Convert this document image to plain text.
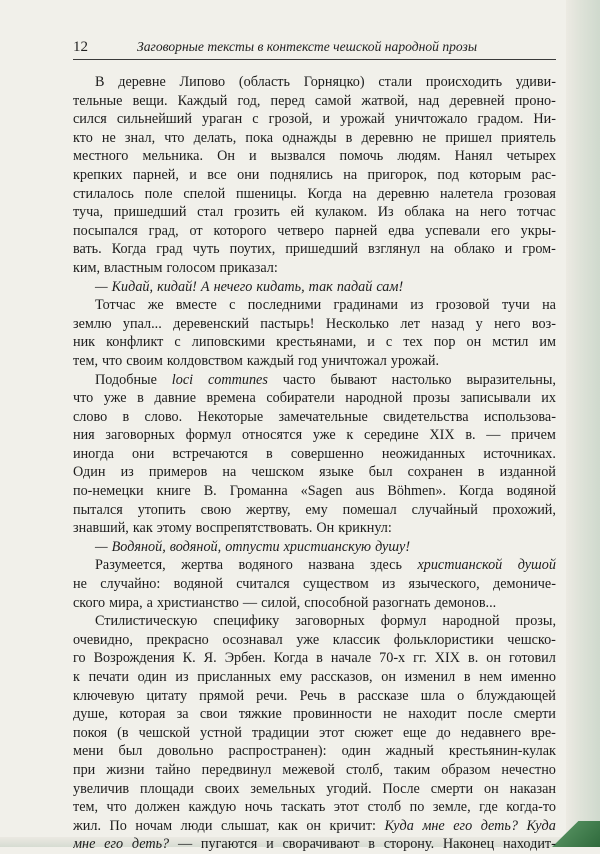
12	Заговорные тексты в контексте чешской народной прозы
В деревне Липово (область Горняцко) стали происходить удиви-
тельные вещи. Каждый год, перед самой жатвой, над деревней проно-
сился сильнейший ураган с грозой, и урожай уничтожало градом. Ни-
кто не знал, что делать, пока однажды в деревню не пришел приятель
местного мельника. Он и вызвался помочь людям. Нанял четырех
крепких парней, и все они поднялись на пригорок, под которым рас-
стилалось поле спелой пшеницы. Когда на деревню налетела грозовая
туча, пришедший стал грозить ей кулаком. Из облака на него тотчас
посыпался град, от которого четверо парней едва успевали его укры-
вать. Когда град чуть поутих, пришедший взглянул на облако и гром-
ким, властным голосом приказал:
— Кидай, кидай! А нечего кидать, так падай сам!
Тотчас же вместе с последними градинами из грозовой тучи на
землю упал... деревенский пастырь! Несколько лет назад у него воз-
ник конфликт с липовскими крестьянами, и с тех пор он мстил им
тем, что своим колдовством каждый год уничтожал урожай.
Подобные loci communes часто бывают настолько выразительны,
что уже в давние времена собиратели народной прозы записывали их
слово в слово. Некоторые замечательные свидетельства использова-
ния заговорных формул относятся уже к середине XIX в. — причем
иногда они встречаются в совершенно неожиданных источниках.
Один из примеров на чешском языке был сохранен в изданной
по-немецки книге В. Громанна «Sagen aus Böhmen». Когда водяной
пытался утопить свою жертву, ему помешал случайный прохожий,
знавший, как этому воспрепятствовать. Он крикнул:
— Водяной, водяной, отпусти христианскую душу!
Разумеется, жертва водяного названа здесь христианской душой
не случайно: водяной считался существом из языческого, демониче-
ского мира, а христианство — силой, способной разогнать демонов...
Стилистическую специфику заговорных формул народной прозы,
очевидно, прекрасно осознавал уже классик фольклористики чешско-
го Возрождения К. Я. Эрбен. Когда в начале 70-х гг. XIX в. он готовил
к печати один из присланных ему рассказов, он изменил в нем именно
ключевую цитату прямой речи. Речь в рассказе шла о блуждающей
душе, которая за свои тяжкие провинности не находит после смерти
покоя (в чешской устной традиции этот сюжет еще до недавнего вре-
мени был довольно распространен): один жадный крестьянин-кулак
при жизни тайно передвинул межевой столб, таким образом нечестно
увеличив площади своих земельных угодий. После смерти он наказан
тем, что должен каждую ночь таскать этот столб по земле, где когда-то
жил. По ночам люди слышат, как он кричит: Куда мне его деть? Куда
мне его деть? — пугаются и сворачивают в сторону. Наконец находит-
